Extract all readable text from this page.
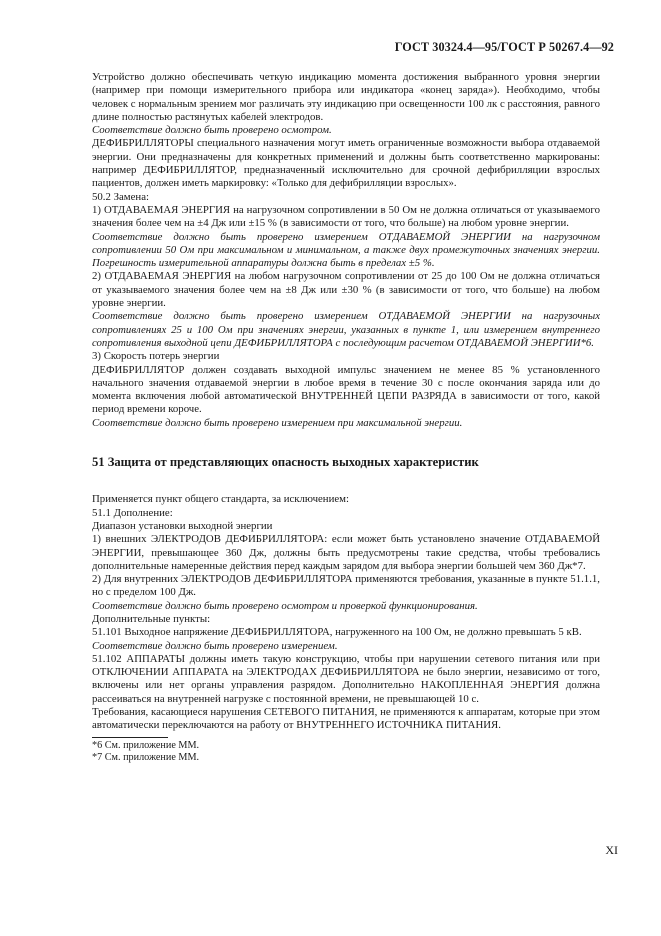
ГОСТ 30324.4—95/ГОСТ Р 50267.4—92

Устройство должно обеспечивать четкую индикацию момента достижения выбранного уровня энергии (например при помощи измерительного прибора или индикатора «конец заряда»). Необходимо, чтобы человек с нормальным зрением мог различать эту индикацию при освещенности 100 лк с расстояния, равного длине полностью растянутых кабелей электродов.

Соответствие должно быть проверено осмотром.

ДЕФИБРИЛЛЯТОРЫ специального назначения могут иметь ограниченные возможности выбора отдаваемой энергии. Они предназначены для конкретных применений и должны быть соответственно маркированы: например ДЕФИБРИЛЛЯТОР, предназначенный исключительно для срочной дефибрилляции взрослых пациентов, должен иметь маркировку: «Только для дефибрилляции взрослых».

50.2 Замена:

1) ОТДАВАЕМАЯ ЭНЕРГИЯ на нагрузочном сопротивлении в 50 Ом не должна отличаться от указываемого значения более чем на ±4 Дж или ±15 % (в зависимости от того, что больше) на любом уровне энергии.

Соответствие должно быть проверено измерением ОТДАВАЕМОЙ ЭНЕРГИИ на нагрузочном сопротивлении 50 Ом при максимальном и минимальном, а также двух промежуточных значениях энергии. Погрешность измерительной аппаратуры должна быть в пределах ±5 %.

2) ОТДАВАЕМАЯ ЭНЕРГИЯ на любом нагрузочном сопротивлении от 25 до 100 Ом не должна отличаться от указываемого значения более чем на ±8 Дж или ±30 % (в зависимости от того, что больше) на любом уровне энергии.

Соответствие должно быть проверено измерением ОТДАВАЕМОЙ ЭНЕРГИИ на нагрузочных сопротивлениях 25 и 100 Ом при значениях энергии, указанных в пункте 1, или измерением внутреннего сопротивления выходной цепи ДЕФИБРИЛЛЯТОРА с последующим расчетом ОТДАВАЕМОЙ ЭНЕРГИИ*6.

3) Скорость потерь энергии

ДЕФИБРИЛЛЯТОР должен создавать выходной импульс значением не менее 85 % установленного начального значения отдаваемой энергии в любое время в течение 30 с после окончания заряда или до момента включения любой автоматической ВНУТРЕННЕЙ ЦЕПИ РАЗРЯДА в зависимости от того, какой период времени короче.

Соответствие должно быть проверено измерением при максимальной энергии.

51 Защита от представляющих опасность выходных характеристик

Применяется пункт общего стандарта, за исключением:

51.1 Дополнение:

Диапазон установки выходной энергии

1) внешних ЭЛЕКТРОДОВ ДЕФИБРИЛЛЯТОРА: если может быть установлено значение ОТДАВАЕМОЙ ЭНЕРГИИ, превышающее 360 Дж, должны быть предусмотрены такие средства, чтобы требовались дополнительные намеренные действия перед каждым зарядом для выбора энергии большей чем 360 Дж*7.

2) Для внутренних ЭЛЕКТРОДОВ ДЕФИБРИЛЛЯТОРА применяются требования, указанные в пункте 51.1.1, но с пределом 100 Дж.

Соответствие должно быть проверено осмотром и проверкой функционирования.

Дополнительные пункты:

51.101 Выходное напряжение ДЕФИБРИЛЛЯТОРА, нагруженного на 100 Ом, не должно превышать 5 кВ.

Соответствие должно быть проверено измерением.

51.102 АППАРАТЫ должны иметь такую конструкцию, чтобы при нарушении сетевого питания или при ОТКЛЮЧЕНИИ АППАРАТА на ЭЛЕКТРОДАХ ДЕФИБРИЛЛЯТОРА не было энергии, независимо от того, включены или нет органы управления разрядом. Дополнительно НАКОПЛЕННАЯ ЭНЕРГИЯ должна рассеиваться на внутренней нагрузке с постоянной времени, не превышающей 10 с.

Требования, касающиеся нарушения СЕТЕВОГО ПИТАНИЯ, не применяются к аппаратам, которые при этом автоматически переключаются на работу от ВНУТРЕННЕГО ИСТОЧНИКА ПИТАНИЯ.

*6 См. приложение ММ.
*7 См. приложение ММ.
XI
